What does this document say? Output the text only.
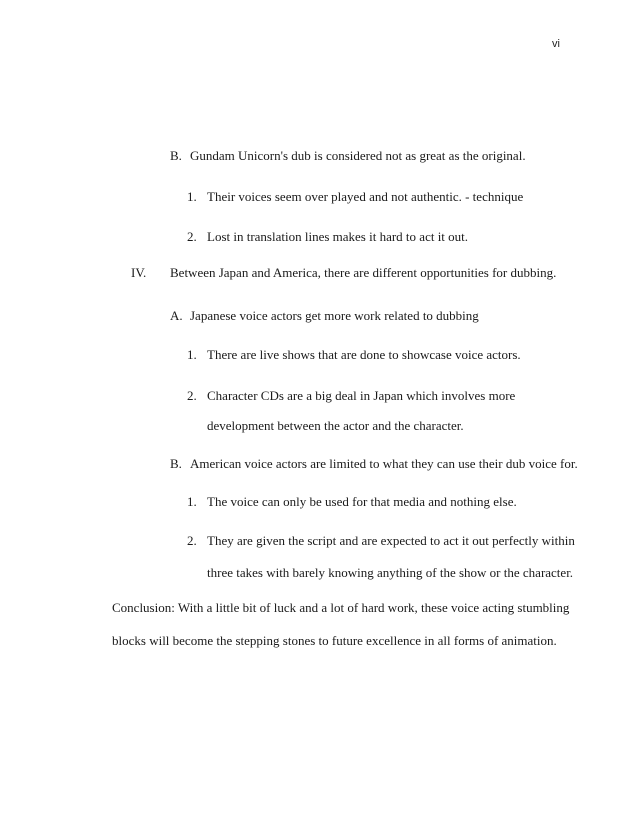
vi
B. Gundam Unicorn's dub is considered not as great as the original.
1. Their voices seem over played and not authentic. - technique
2. Lost in translation lines makes it hard to act it out.
IV. Between Japan and America, there are different opportunities for dubbing.
A. Japanese voice actors get more work related to dubbing
1. There are live shows that are done to showcase voice actors.
2. Character CDs are a big deal in Japan which involves more
development between the actor and the character.
B. American voice actors are limited to what they can use their dub voice for.
1. The voice can only be used for that media and nothing else.
2. They are given the script and are expected to act it out perfectly within
three takes with barely knowing anything of the show or the character.
Conclusion: With a little bit of luck and a lot of hard work, these voice acting stumbling
blocks will become the stepping stones to future excellence in all forms of animation.
